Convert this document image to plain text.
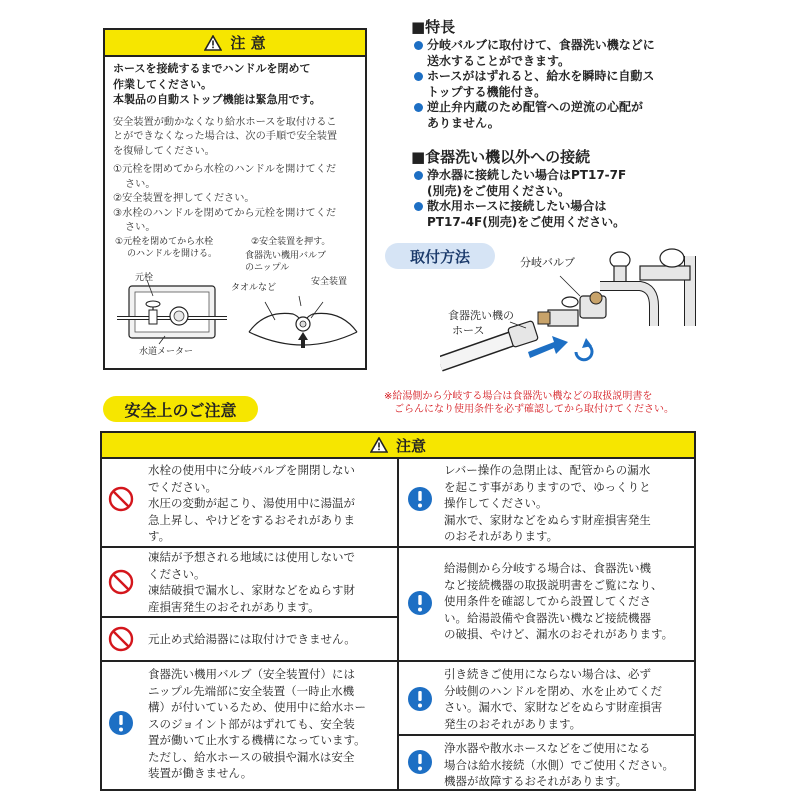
注 意
ホースを接続するまでハンドルを閉めて
作業してください。
本製品の自動ストップ機能は緊急用です。
安全装置が動かなくなり給水ホースを取付けるこ
とができなくなった場合は、次の手順で安全装置
を復帰してください。
①元栓を閉めてから水栓のハンドルを開けてくだ
さい。
②安全装置を押してください。
③水栓のハンドルを閉めてから元栓を開けてくだ
さい。
①元栓を閉めてから水栓
のハンドルを開ける。
②安全装置を押す。
元栓
水道メーター
食器洗い機用バルブ
のニップル
タオルなど
安全装置
■特長
分岐バルブに取付けて、食器洗い機などに
送水することができます。
ホースがはずれると、給水を瞬時に自動ス
トップする機能付き。
逆止弁内蔵のため配管への逆流の心配が
ありません。
■食器洗い機以外への接続
浄水器に接続したい場合はPT17-7F
(別売)をご使用ください。
散水用ホースに接続したい場合は
PT17-4F(別売)をご使用ください。
取付方法	分岐バルブ
食器洗い機の
ホース
※給湯側から分岐する場合は食器洗い機などの取扱説明書を
ごらんになり使用条件を必ず確認してから取付けてください。
安全上のご注意
注意
水栓の使用中に分岐バルブを開閉しない
でください。
水圧の変動が起こり、湯使用中に湯温が
急上昇し、やけどをするおそれがありま
す。
凍結が予想される地域には使用しないで
ください。
凍結破損で漏水し、家財などをぬらす財
産損害発生のおそれがあります。
元止め式給湯器には取付けできません。
食器洗い機用バルブ（安全装置付）には
ニップル先端部に安全装置（一時止水機
構）が付いているため、使用中に給水ホー
スのジョイント部がはずれても、安全装
置が働いて止水する機構になっています。
ただし、給水ホースの破損や漏水は安全
装置が働きません。
レバー操作の急閉止は、配管からの漏水
を起こす事がありますので、ゆっくりと
操作してください。
漏水で、家財などをぬらす財産損害発生
のおそれがあります。
給湯側から分岐する場合は、食器洗い機
など接続機器の取扱説明書をご覧になり、
使用条件を確認してから設置してくださ
い。給湯設備や食器洗い機など接続機器
の破損、やけど、漏水のおそれがあります。
引き続きご使用にならない場合は、必ず
分岐側のハンドルを閉め、水を止めてくだ
さい。漏水で、家財などをぬらす財産損害
発生のおそれがあります。
浄水器や散水ホースなどをご使用になる
場合は給水接続（水側）でご使用ください。
機器が故障するおそれがあります。
